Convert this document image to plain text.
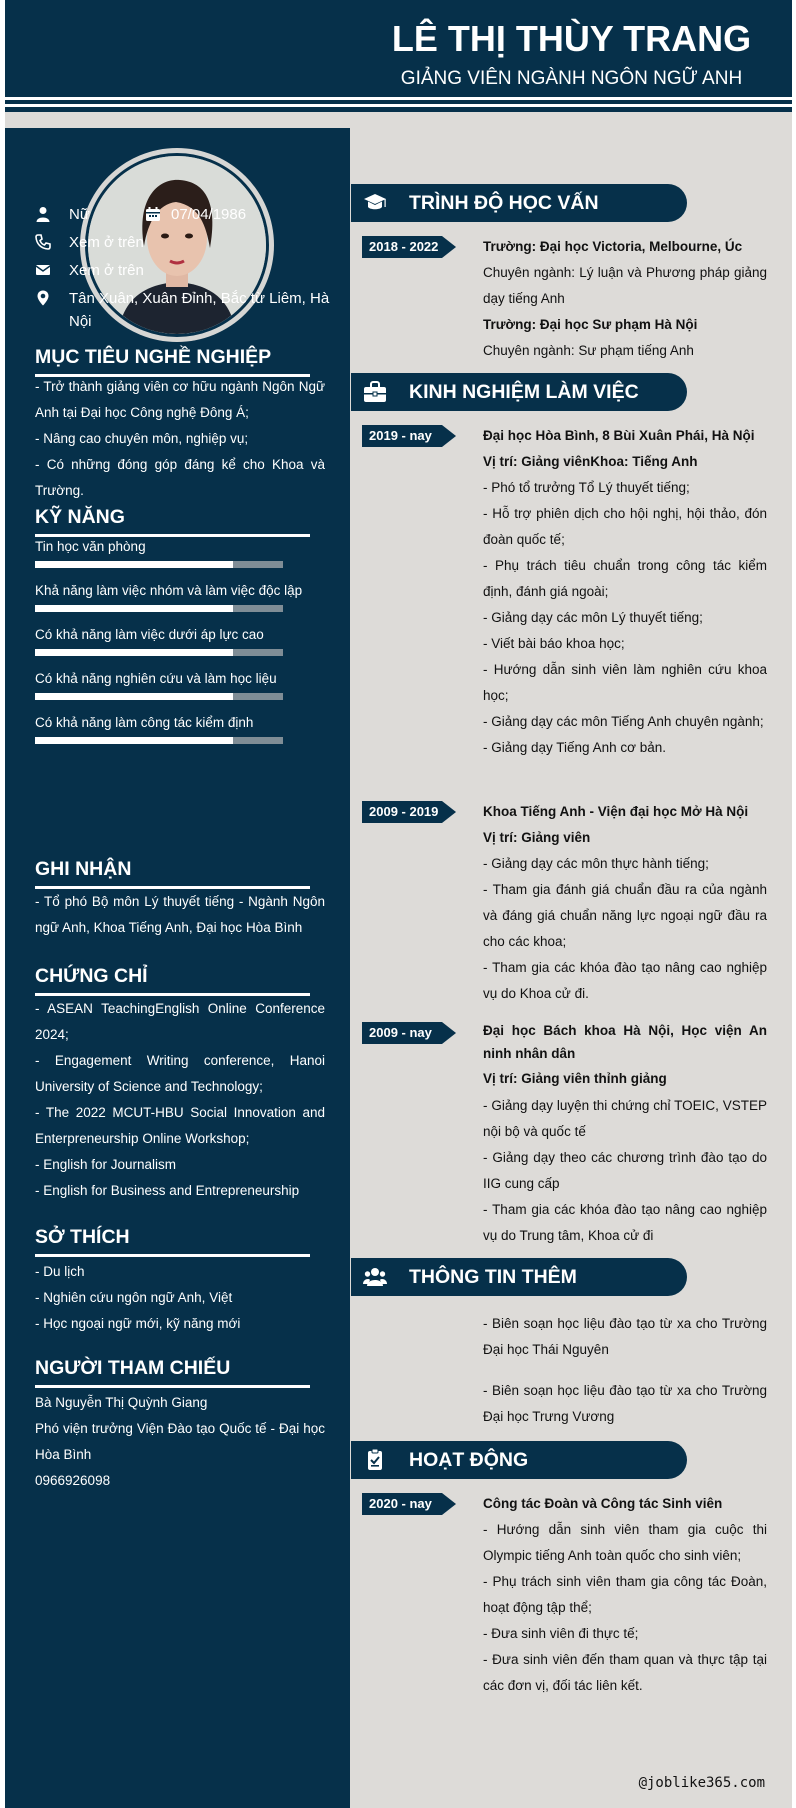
LÊ THỊ THÙY TRANG
GIẢNG VIÊN NGÀNH NGÔN NGỮ ANH
Nữ	07/04/1986
Xem ở trên
Xem ở trên
Tân Xuân, Xuân Đỉnh, Bắc từ Liêm, Hà Nội
MỤC TIÊU NGHỀ NGHIỆP

- Trở thành giảng viên cơ hữu ngành Ngôn Ngữ Anh tại Đại học Công nghệ Đông Á;

- Nâng cao chuyên môn, nghiệp vụ;

- Có những đóng góp đáng kể cho Khoa và Trường.

KỸ NĂNG
Tin học văn phòng
Khả năng làm việc nhóm và làm việc độc lập
Có khả năng làm việc dưới áp lực cao
Có khả năng nghiên cứu và làm học liệu
Có khả năng làm công tác kiểm định
GHI NHẬN

- Tổ phó Bộ môn Lý thuyết tiếng - Ngành Ngôn ngữ Anh, Khoa Tiếng Anh, Đại học Hòa Bình

CHỨNG CHỈ

- ASEAN TeachingEnglish Online Conference 2024;

- Engagement Writing conference, Hanoi University of Science and Technology;

- The 2022 MCUT-HBU Social Innovation and Enterpreneurship Online Workshop;

- English for Journalism

- English for Business and Entrepreneurship

SỞ THÍCH

- Du lịch

- Nghiên cứu ngôn ngữ Anh, Việt

- Học ngoại ngữ mới, kỹ năng mới

NGƯỜI THAM CHIẾU

Bà Nguyễn Thị Quỳnh Giang

Phó viện trưởng Viện Đào tạo Quốc tế - Đại học Hòa Bình

0966926098

TRÌNH ĐỘ HỌC VẤN
2018 - 2022	Trường: Đại học Victoria, Melbourne, Úc

Chuyên ngành: Lý luận và Phương pháp giảng dạy tiếng Anh

Trường: Đại học Sư phạm Hà Nội

Chuyên ngành: Sư phạm tiếng Anh

KINH NGHIỆM LÀM VIỆC
2019 - nay	Đại học Hòa Bình, 8 Bùi Xuân Phái, Hà Nội

Vị trí: Giảng viênKhoa: Tiếng Anh

- Phó tổ trưởng Tổ Lý thuyết tiếng;

- Hỗ trợ phiên dịch cho hội nghị, hội thảo, đón đoàn quốc tế;

- Phụ trách tiêu chuẩn trong công tác kiểm định, đánh giá ngoài;

- Giảng dạy các môn Lý thuyết tiếng;

- Viết bài báo khoa học;

- Hướng dẫn sinh viên làm nghiên cứu khoa học;

- Giảng dạy các môn Tiếng Anh chuyên ngành;

- Giảng dạy Tiếng Anh cơ bản.

2009 - 2019	Khoa Tiếng Anh - Viện đại học Mở Hà Nội

Vị trí: Giảng viên

- Giảng dạy các môn thực hành tiếng;

- Tham gia đánh giá chuẩn đầu ra của ngành và đáng giá chuẩn năng lực ngoại ngữ đầu ra cho các khoa;

- Tham gia các khóa đào tạo nâng cao nghiệp vụ do Khoa cử đi.

2009 - nay	Đại học Bách khoa Hà Nội, Học viện An ninh nhân dân

Vị trí: Giảng viên thỉnh giảng

- Giảng dạy luyện thi chứng chỉ TOEIC, VSTEP nội bộ và quốc tế

- Giảng dạy theo các chương trình đào tạo do IIG cung cấp

- Tham gia các khóa đào tạo nâng cao nghiệp vụ do Trung tâm, Khoa cử đi

THÔNG TIN THÊM

- Biên soạn học liệu đào tạo từ xa cho Trường Đại học Thái Nguyên

- Biên soạn học liệu đào tạo từ xa cho Trường Đại học Trưng Vương

HOẠT ĐỘNG
2020 - nay	Công tác Đoàn và Công tác Sinh viên

- Hướng dẫn sinh viên tham gia cuộc thi Olympic tiếng Anh toàn quốc cho sinh viên;

- Phụ trách sinh viên tham gia công tác Đoàn, hoạt động tập thể;

- Đưa sinh viên đi thực tế;

- Đưa sinh viên đến tham quan và thực tập tại các đơn vị, đối tác liên kết.

@joblike365.com
